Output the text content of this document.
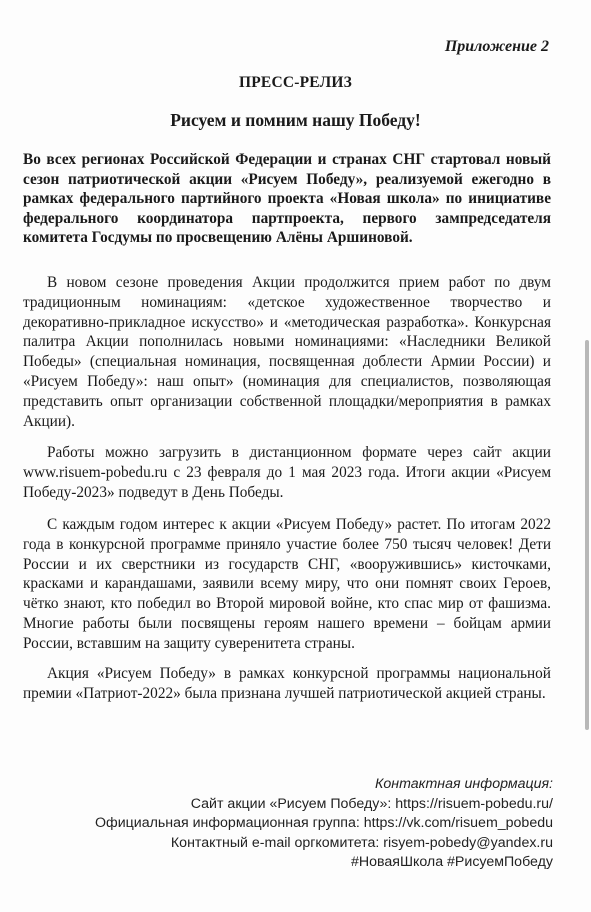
Приложение 2

ПРЕСС-РЕЛИЗ
Рисуем и помним нашу Победу!

Во всех регионах Российской Федерации и странах СНГ стартовал новый сезон патриотической акции «Рисуем Победу», реализуемой ежегодно в рамках федерального партийного проекта «Новая школа» по инициативе федерального координатора партпроекта, первого зампредседателя комитета Госдумы по просвещению Алёны Аршиновой.

В новом сезоне проведения Акции продолжится прием работ по двум традиционным номинациям: «детское художественное творчество и декоративно-прикладное искусство» и «методическая разработка». Конкурсная палитра Акции пополнилась новыми номинациями: «Наследники Великой Победы» (специальная номинация, посвященная доблести Армии России) и «Рисуем Победу»: наш опыт» (номинация для специалистов, позволяющая представить опыт организации собственной площадки/мероприятия в рамках Акции).

Работы можно загрузить в дистанционном формате через сайт акции www.risuem-pobedu.ru с 23 февраля до 1 мая 2023 года. Итоги акции «Рисуем Победу-2023» подведут в День Победы.

С каждым годом интерес к акции «Рисуем Победу» растет. По итогам 2022 года в конкурсной программе приняло участие более 750 тысяч человек! Дети России и их сверстники из государств СНГ, «вооружившись» кисточками, красками и карандашами, заявили всему миру, что они помнят своих Героев, чётко знают, кто победил во Второй мировой войне, кто спас мир от фашизма. Многие работы были посвящены героям нашего времени – бойцам армии России, вставшим на защиту суверенитета страны.

Акция «Рисуем Победу» в рамках конкурсной программы национальной премии «Патриот-2022» была признана лучшей патриотической акцией страны.

Контактная информация:
Сайт акции «Рисуем Победу»: https://risuem-pobedu.ru/
Официальная информационная группа: https://vk.com/risuem_pobedu
Контактный e-mail оргкомитета: risyem-pobedy@yandex.ru
#НоваяШкола #РисуемПобеду
